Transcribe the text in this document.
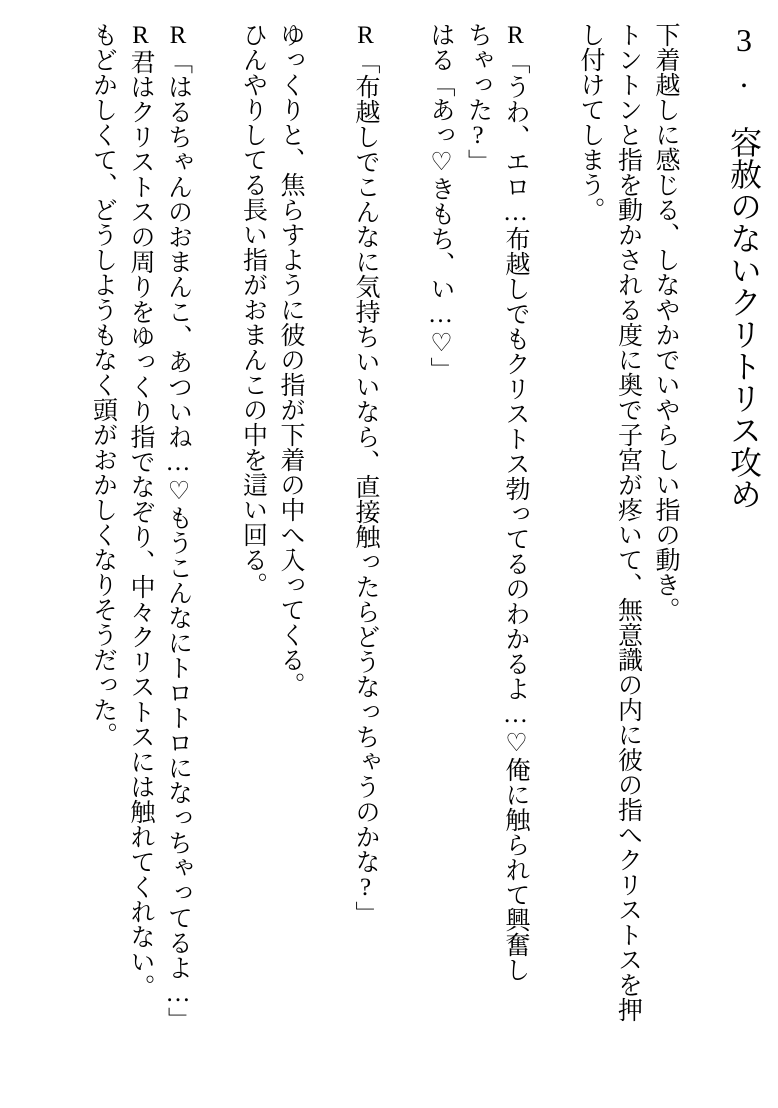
3.　容赦のないクリトリス攻め

下着越しに感じる、しなやかでいやらしい指の動き。

トントンと指を動かされる度に奥で子宮が疼いて、無意識の内に彼の指へクリストスを押し付けてしまう。

R「うわ、エロ…布越しでもクリストス勃ってるのわかるよ…♡俺に触られて興奮しちゃった?」

はる「あっ♡きもち、い…♡」

R「布越しでこんなに気持ちいいなら、直接触ったらどうなっちゃうのかな?」

ゆっくりと、焦らすように彼の指が下着の中へ入ってくる。

ひんやりしてる長い指がおまんこの中を這い回る。

R「はるちゃんのおまんこ、あついね…♡もうこんなにトロトロになっちゃってるよ…」

R君はクリストスの周りをゆっくり指でなぞり、中々クリストスには触れてくれない。

もどかしくて、どうしようもなく頭がおかしくなりそうだった。
